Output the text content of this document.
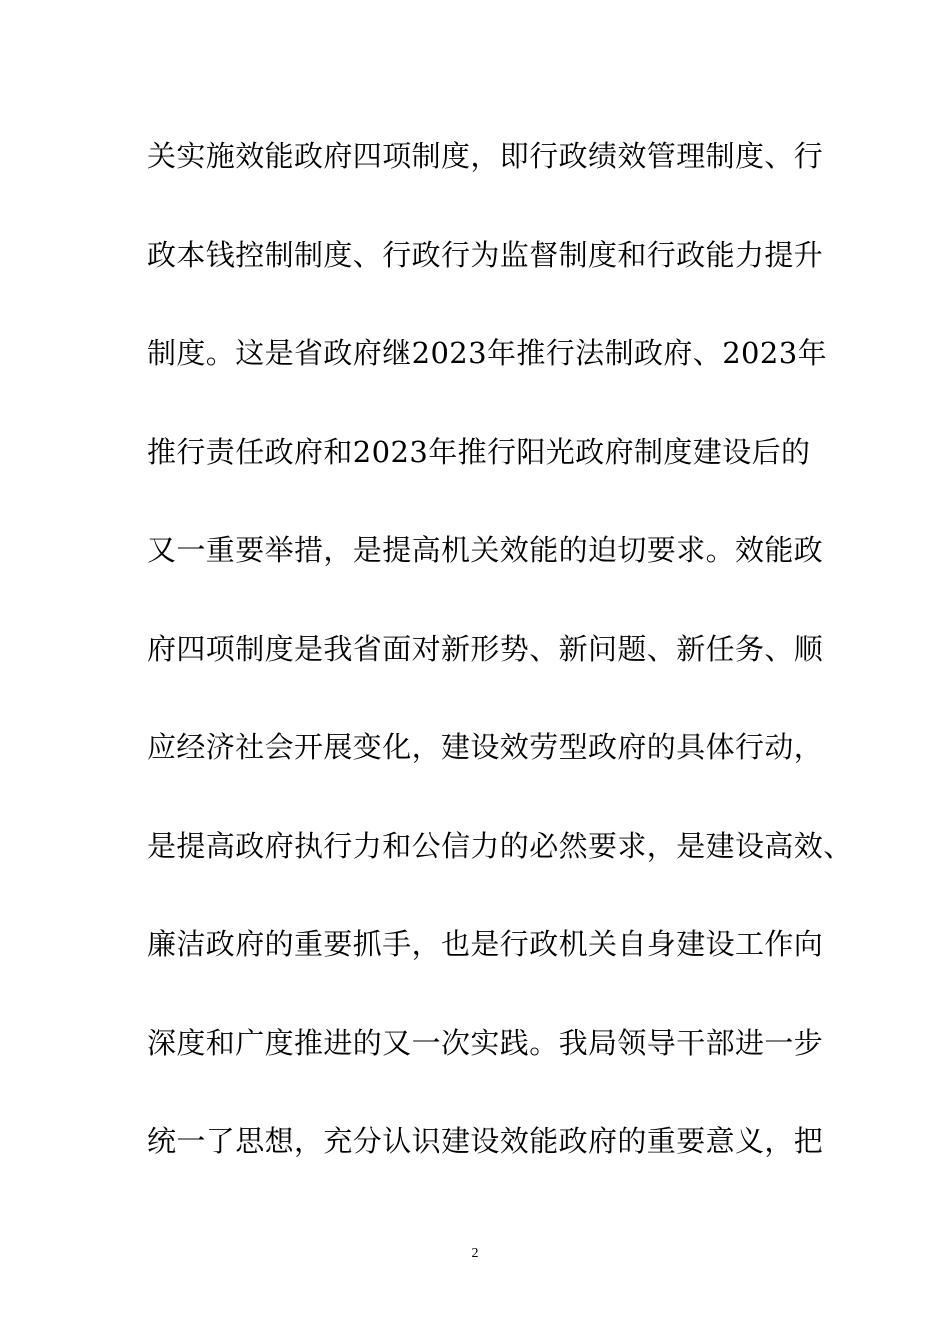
关实施效能政府四项制度，即行政绩效管理制度、行
政本钱控制制度、行政行为监督制度和行政能力提升
制度。这是省政府继2023年推行法制政府、2023年
推行责任政府和2023年推行阳光政府制度建设后的
又一重要举措，是提高机关效能的迫切要求。效能政
府四项制度是我省面对新形势、新问题、新任务、顺
应经济社会开展变化，建设效劳型政府的具体行动，
是提高政府执行力和公信力的必然要求，是建设高效、
廉洁政府的重要抓手，也是行政机关自身建设工作向
深度和广度推进的又一次实践。我局领导干部进一步
统一了思想，充分认识建设效能政府的重要意义，把
2
